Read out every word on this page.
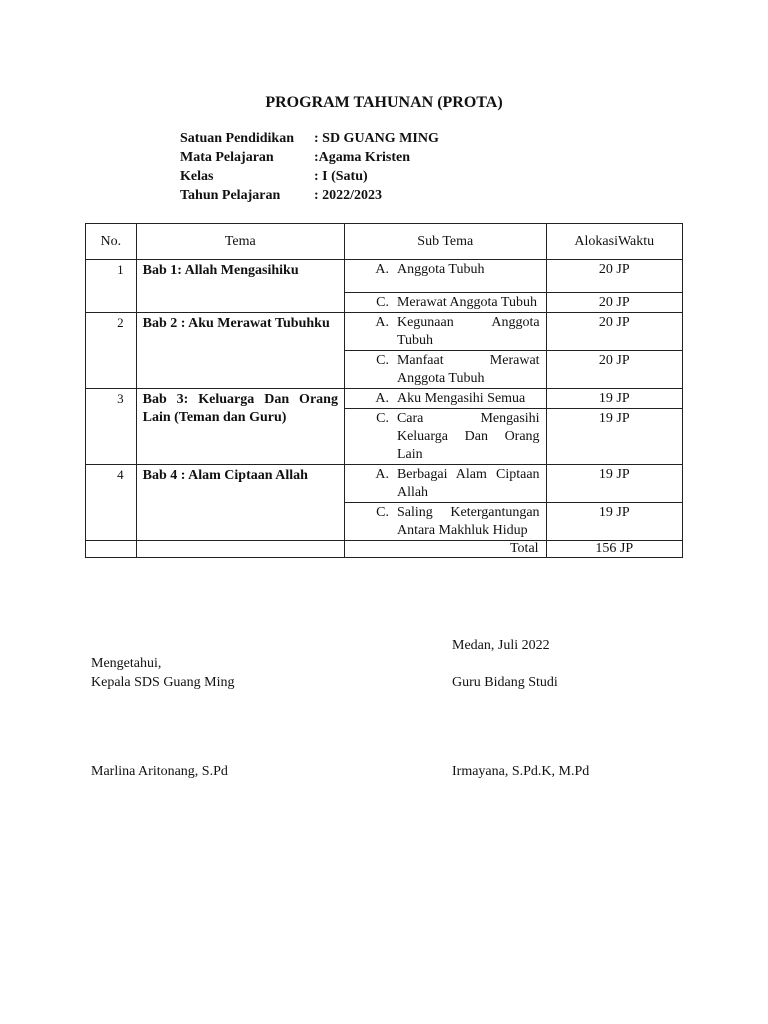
PROGRAM TAHUNAN (PROTA)
Satuan Pendidikan	: SD GUANG MING
Mata Pelajaran	:Agama Kristen
Kelas	: I (Satu)
Tahun Pelajaran	: 2022/2023
No.	Tema	Sub Tema	AlokasiWaktu
1	Bab 1: Allah Mengasihiku	A. Anggota Tubuh	20 JP

		C. Merawat Anggota Tubuh	20 JP

2	Bab 2 : Aku Merawat Tubuhku	A. Kegunaan Anggota Tubuh	20 JP

		C. Manfaat Merawat Anggota Tubuh	20 JP

3	Bab 3: Keluarga Dan Orang Lain (Teman dan Guru)	A. Aku Mengasihi Semua	19 JP

		C. Cara Mengasihi Keluarga Dan Orang Lain	19 JP

4	Bab 4 : Alam Ciptaan Allah	A. Berbagai Alam Ciptaan Allah	19 JP

		C. Saling Ketergantungan Antara Makhluk Hidup	19 JP

		Total	156 JP
Medan, Juli 2022
Mengetahui,
Kepala SDS Guang Ming	Guru Bidang Studi
Marlina Aritonang, S.Pd	Irmayana, S.Pd.K, M.Pd
